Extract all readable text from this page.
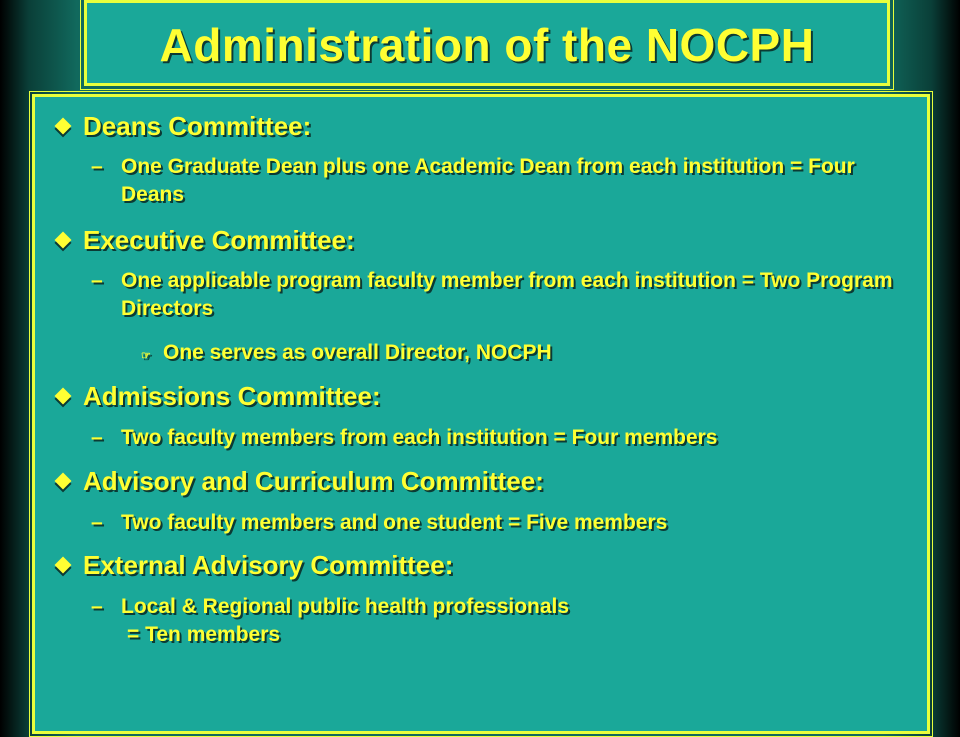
Administration of the NOCPH
Deans Committee:
– One Graduate Dean plus one Academic Dean from each institution = Four Deans
Executive Committee:
– One applicable program faculty member from each institution = Two Program Directors
☞ One serves as overall Director, NOCPH
Admissions Committee:
– Two faculty members from each institution = Four members
Advisory and Curriculum Committee:
– Two faculty members and one student = Five members
External Advisory Committee:
– Local & Regional public health professionals
= Ten members
